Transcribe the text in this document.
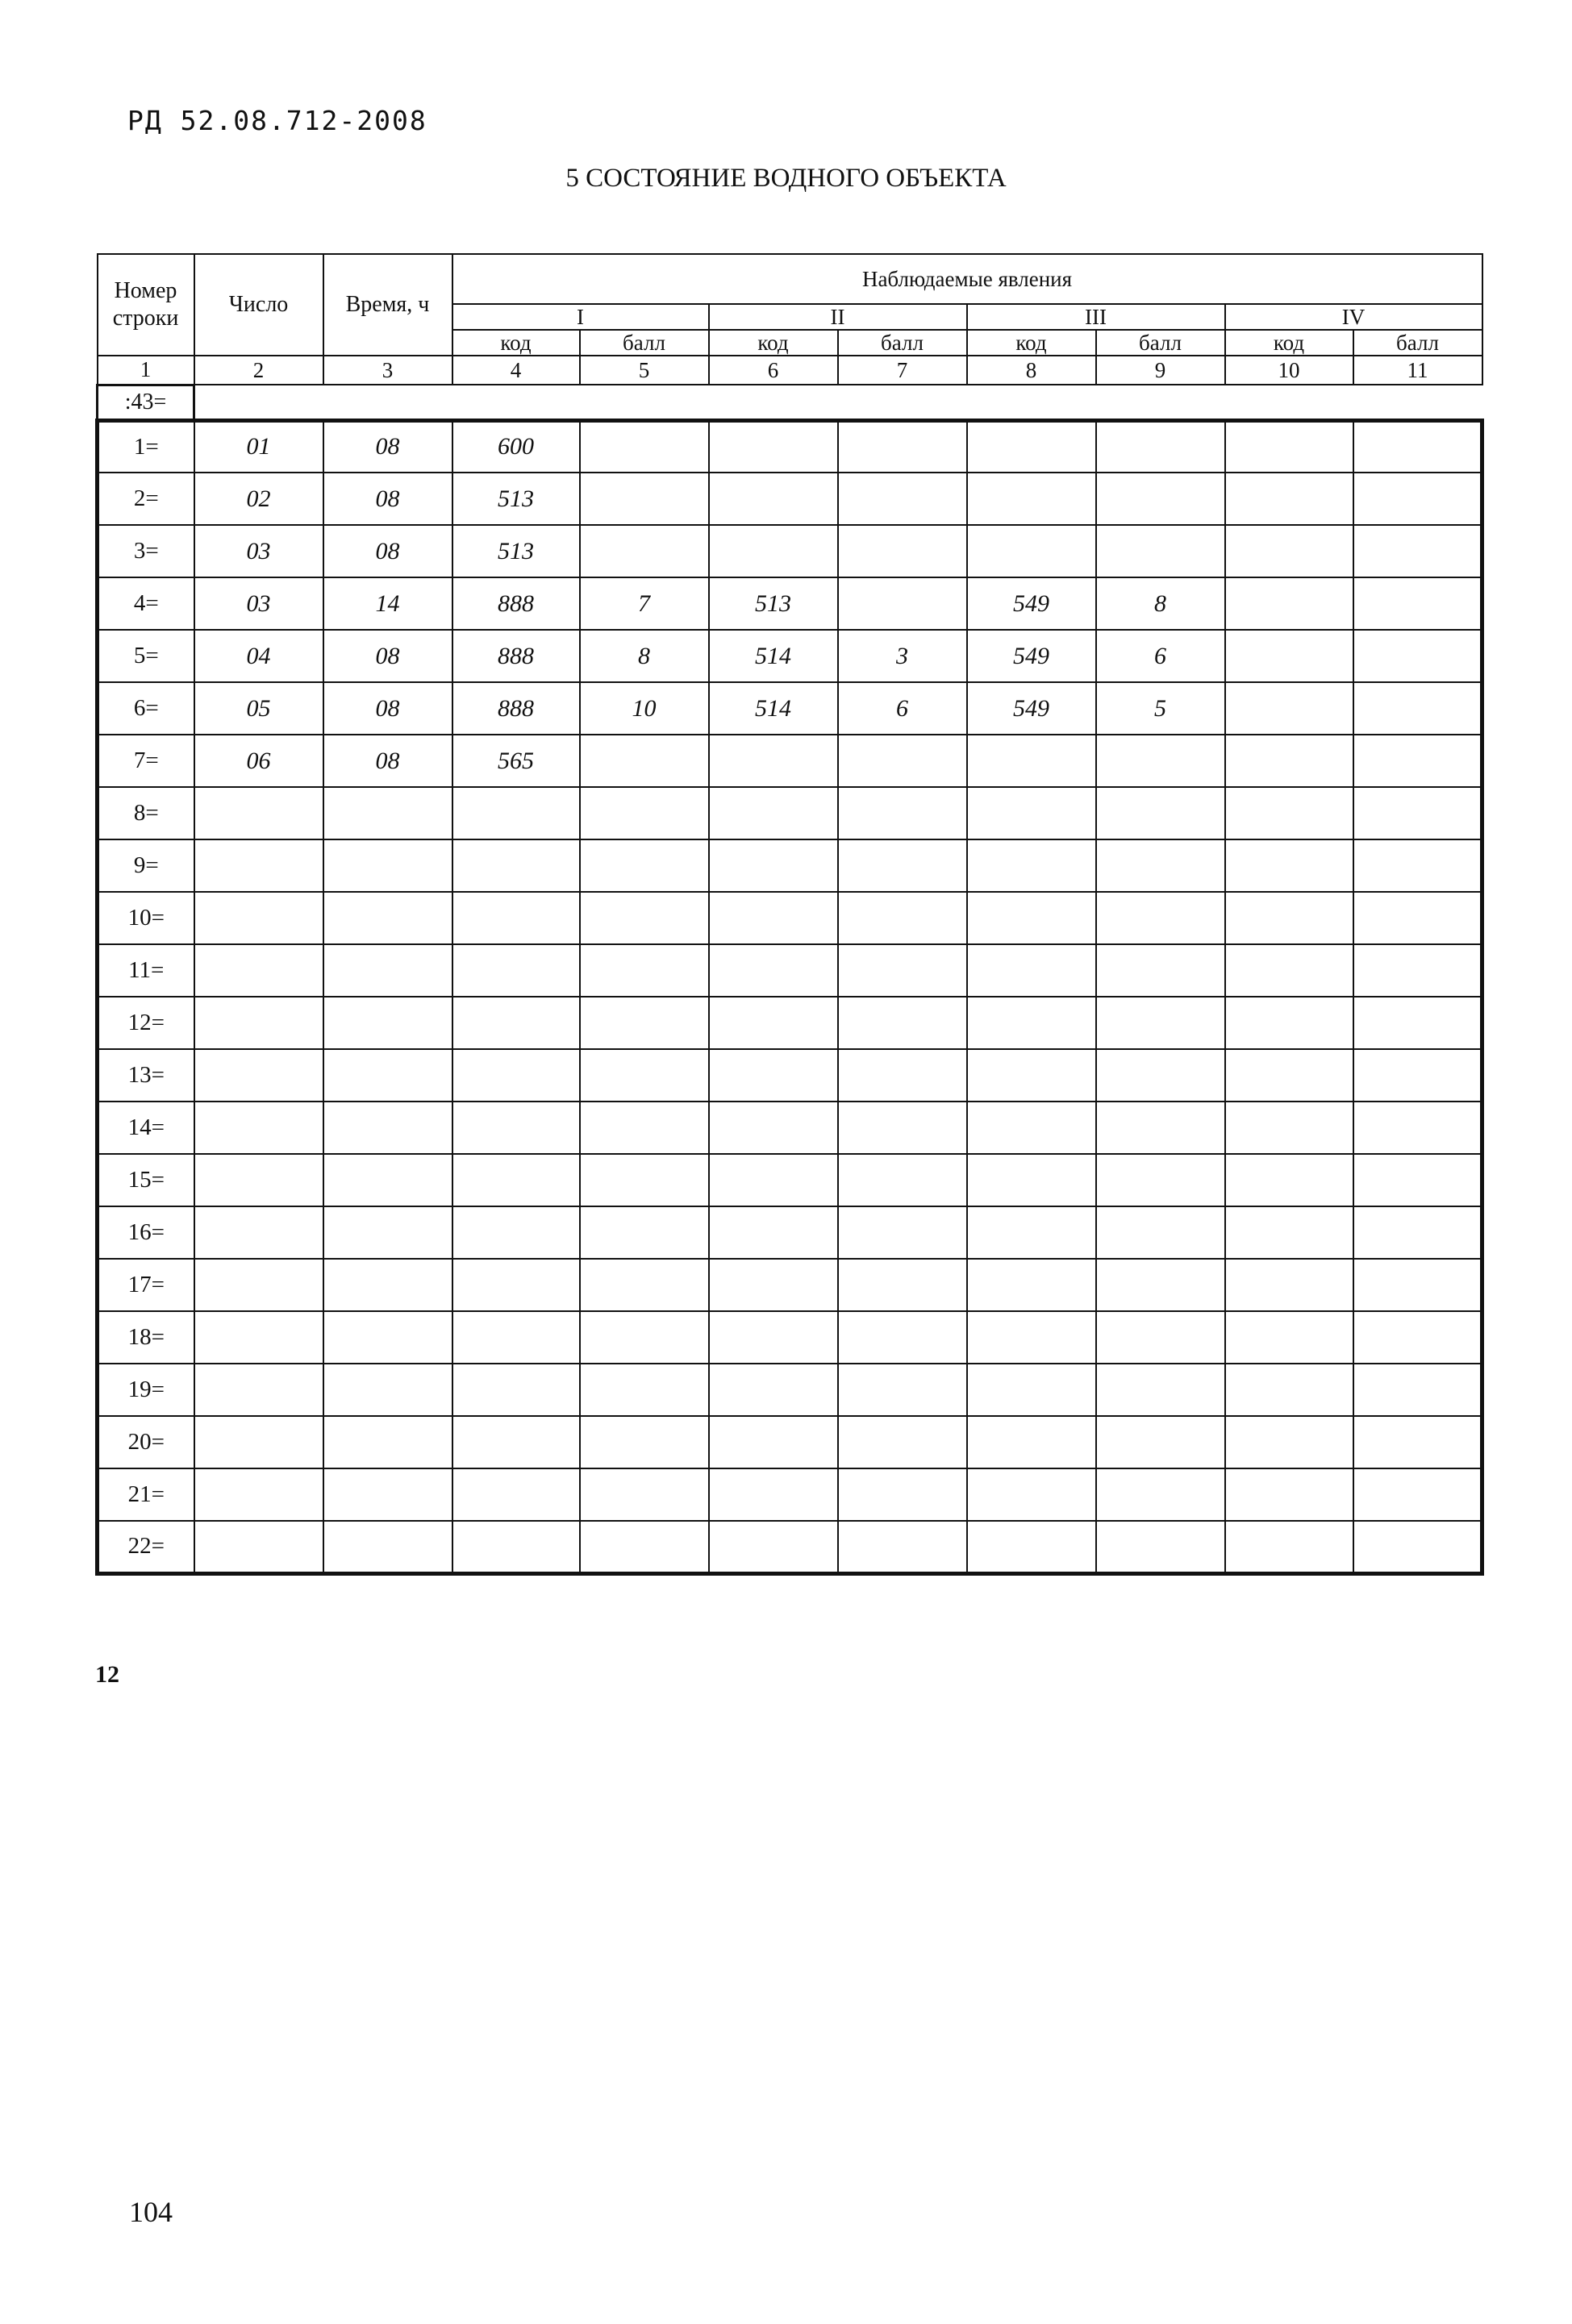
РД 52.08.712-2008
5 СОСТОЯНИЕ ВОДНОГО ОБЪЕКТА
Номер строки	Число	Время, ч	Наблюдаемые явления							
			I		II		III		IV	
			код	балл	код	балл	код	балл	код	балл
1	2	3	4	5	6	7	8	9	10	11
:43=										
1=	01	08	600							
2=	02	08	513							
3=	03	08	513							
4=	03	14	888	7	513		549	8		
5=	04	08	888	8	514	3	549	6		
6=	05	08	888	10	514	6	549	5		
7=	06	08	565							
8=										
9=										
10=										
11=										
12=										
13=										
14=										
15=										
16=										
17=										
18=										
19=										
20=										
21=										
22=										
12
104
